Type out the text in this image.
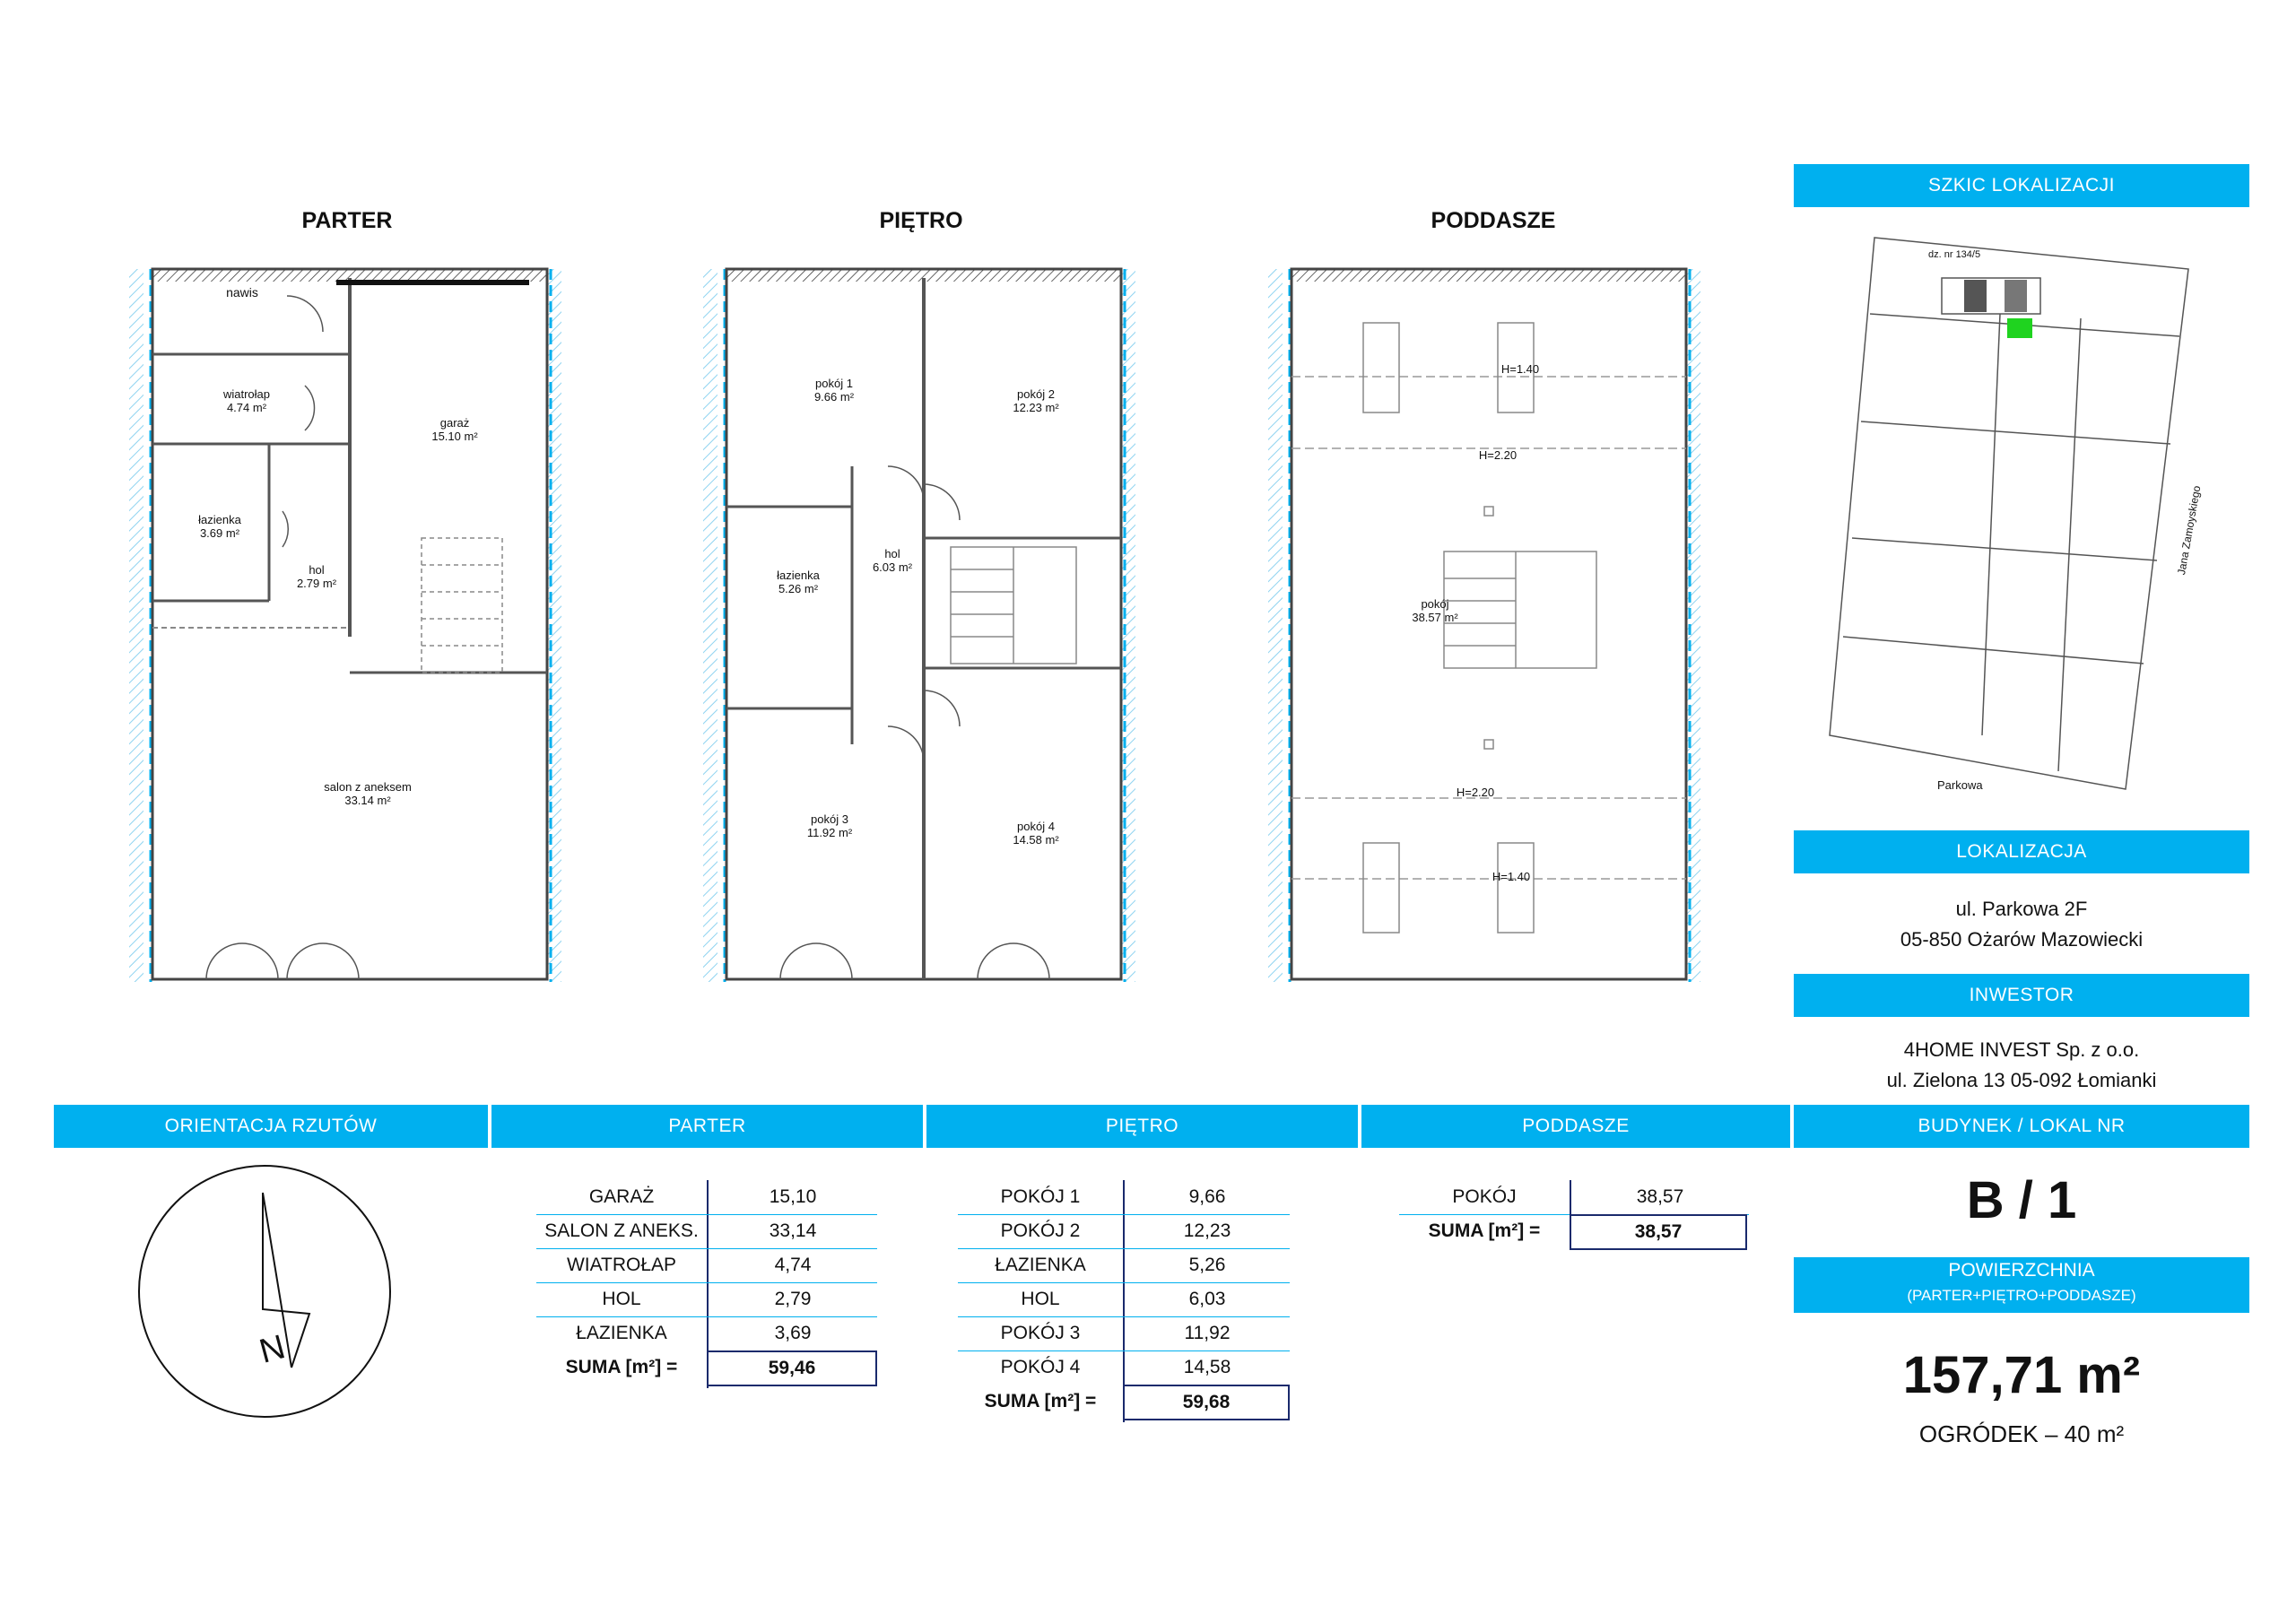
PARTER	PIĘTRO	PODDASZE
nawis
wiatrołap
4.74 m²
garaż
15.10 m²
łazienka
3.69 m²
hol
2.79 m²
salon z aneksem
33.14 m²
pokój 1
9.66 m²	pokój 2
12.23 m²
hol
6.03 m²
łazienka
5.26 m²
pokój 3
11.92 m²	pokój 4
14.58 m²
pokój
38.57 m²
H=1.40
H=2.20
H=2.20
H=1.40
SZKIC LOKALIZACJI
dz. nr 134/5
Jana Zamoyskiego
Parkowa
LOKALIZACJA
ul. Parkowa 2F
05-850 Ożarów Mazowiecki
INWESTOR
4HOME INVEST Sp. z o.o.
ul. Zielona 13 05-092 Łomianki
ORIENTACJA RZUTÓW	PARTER	PIĘTRO	PODDASZE	BUDYNEK / LOKAL NR
N
GARAŻ	15,10
SALON Z ANEKS.	33,14
WIATROŁAP	4,74
HOL	2,79
ŁAZIENKA	3,69
SUMA [m²] =	59,46
POKÓJ 1	9,66
POKÓJ 2	12,23
ŁAZIENKA	5,26
HOL	6,03
POKÓJ 3	11,92
POKÓJ 4	14,58
SUMA [m²] =	59,68
POKÓJ	38,57
SUMA [m²] =	38,57
B / 1
POWIERZCHNIA
(PARTER+PIĘTRO+PODDASZE)
157,71 m²
OGRÓDEK – 40 m²
